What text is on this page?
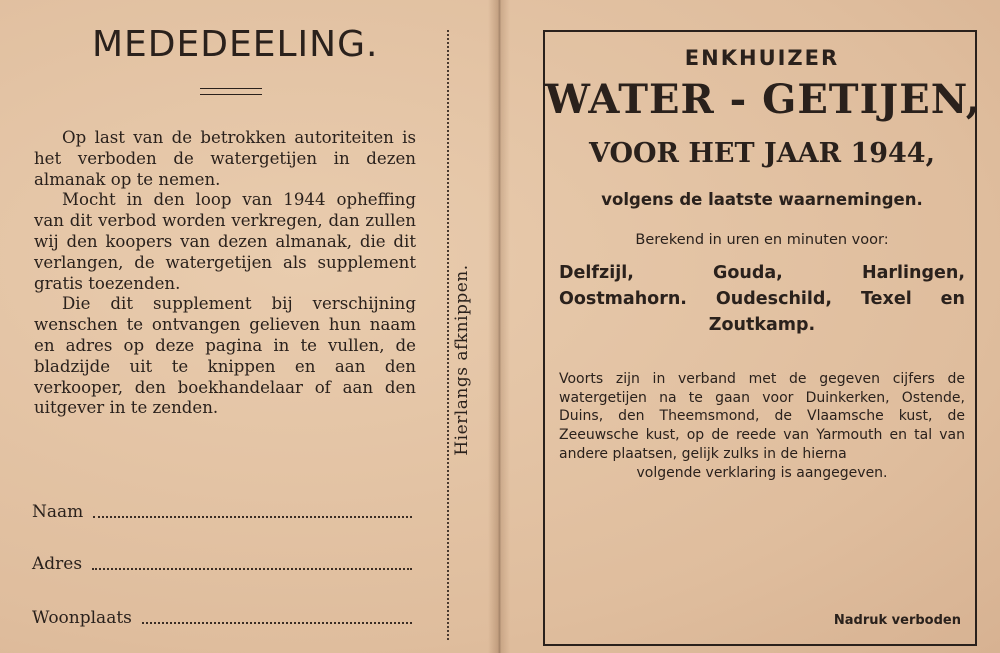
MEDEDEELING.

Op last van de betrokken autoriteiten is het verboden de watergetijen in dezen almanak op te nemen.

Mocht in den loop van 1944 opheffing van dit verbod worden verkregen, dan zullen wij den koopers van dezen almanak, die dit verlangen, de watergetijen als supplement gratis toezenden.

Die dit supplement bij verschijning wenschen te ontvangen gelieven hun naam en adres op deze pagina in te vullen, de bladzijde uit te knippen en aan den verkooper, den boekhandelaar of aan den uitgever in te zenden.

Naam
Adres
Woonplaats
Hierlangs afknippen.
ENKHUIZER
WATER - GETIJEN,
VOOR HET JAAR 1944,
volgens de laatste waarnemingen.
Berekend in uren en minuten voor:
Delfzijl, Gouda, Harlingen,
Oostmahorn. Oudeschild, Texel en
Zoutkamp.
Voorts zijn in verband met de gegeven cijfers de watergetijen na te gaan voor Duinkerken, Ostende, Duins, den Theemsmond, de Vlaamsche kust, de Zeeuwsche kust, op de reede van Yarmouth en tal van andere plaatsen, gelijk zulks in de hierna
volgende verklaring is aangegeven.
Nadruk verboden
